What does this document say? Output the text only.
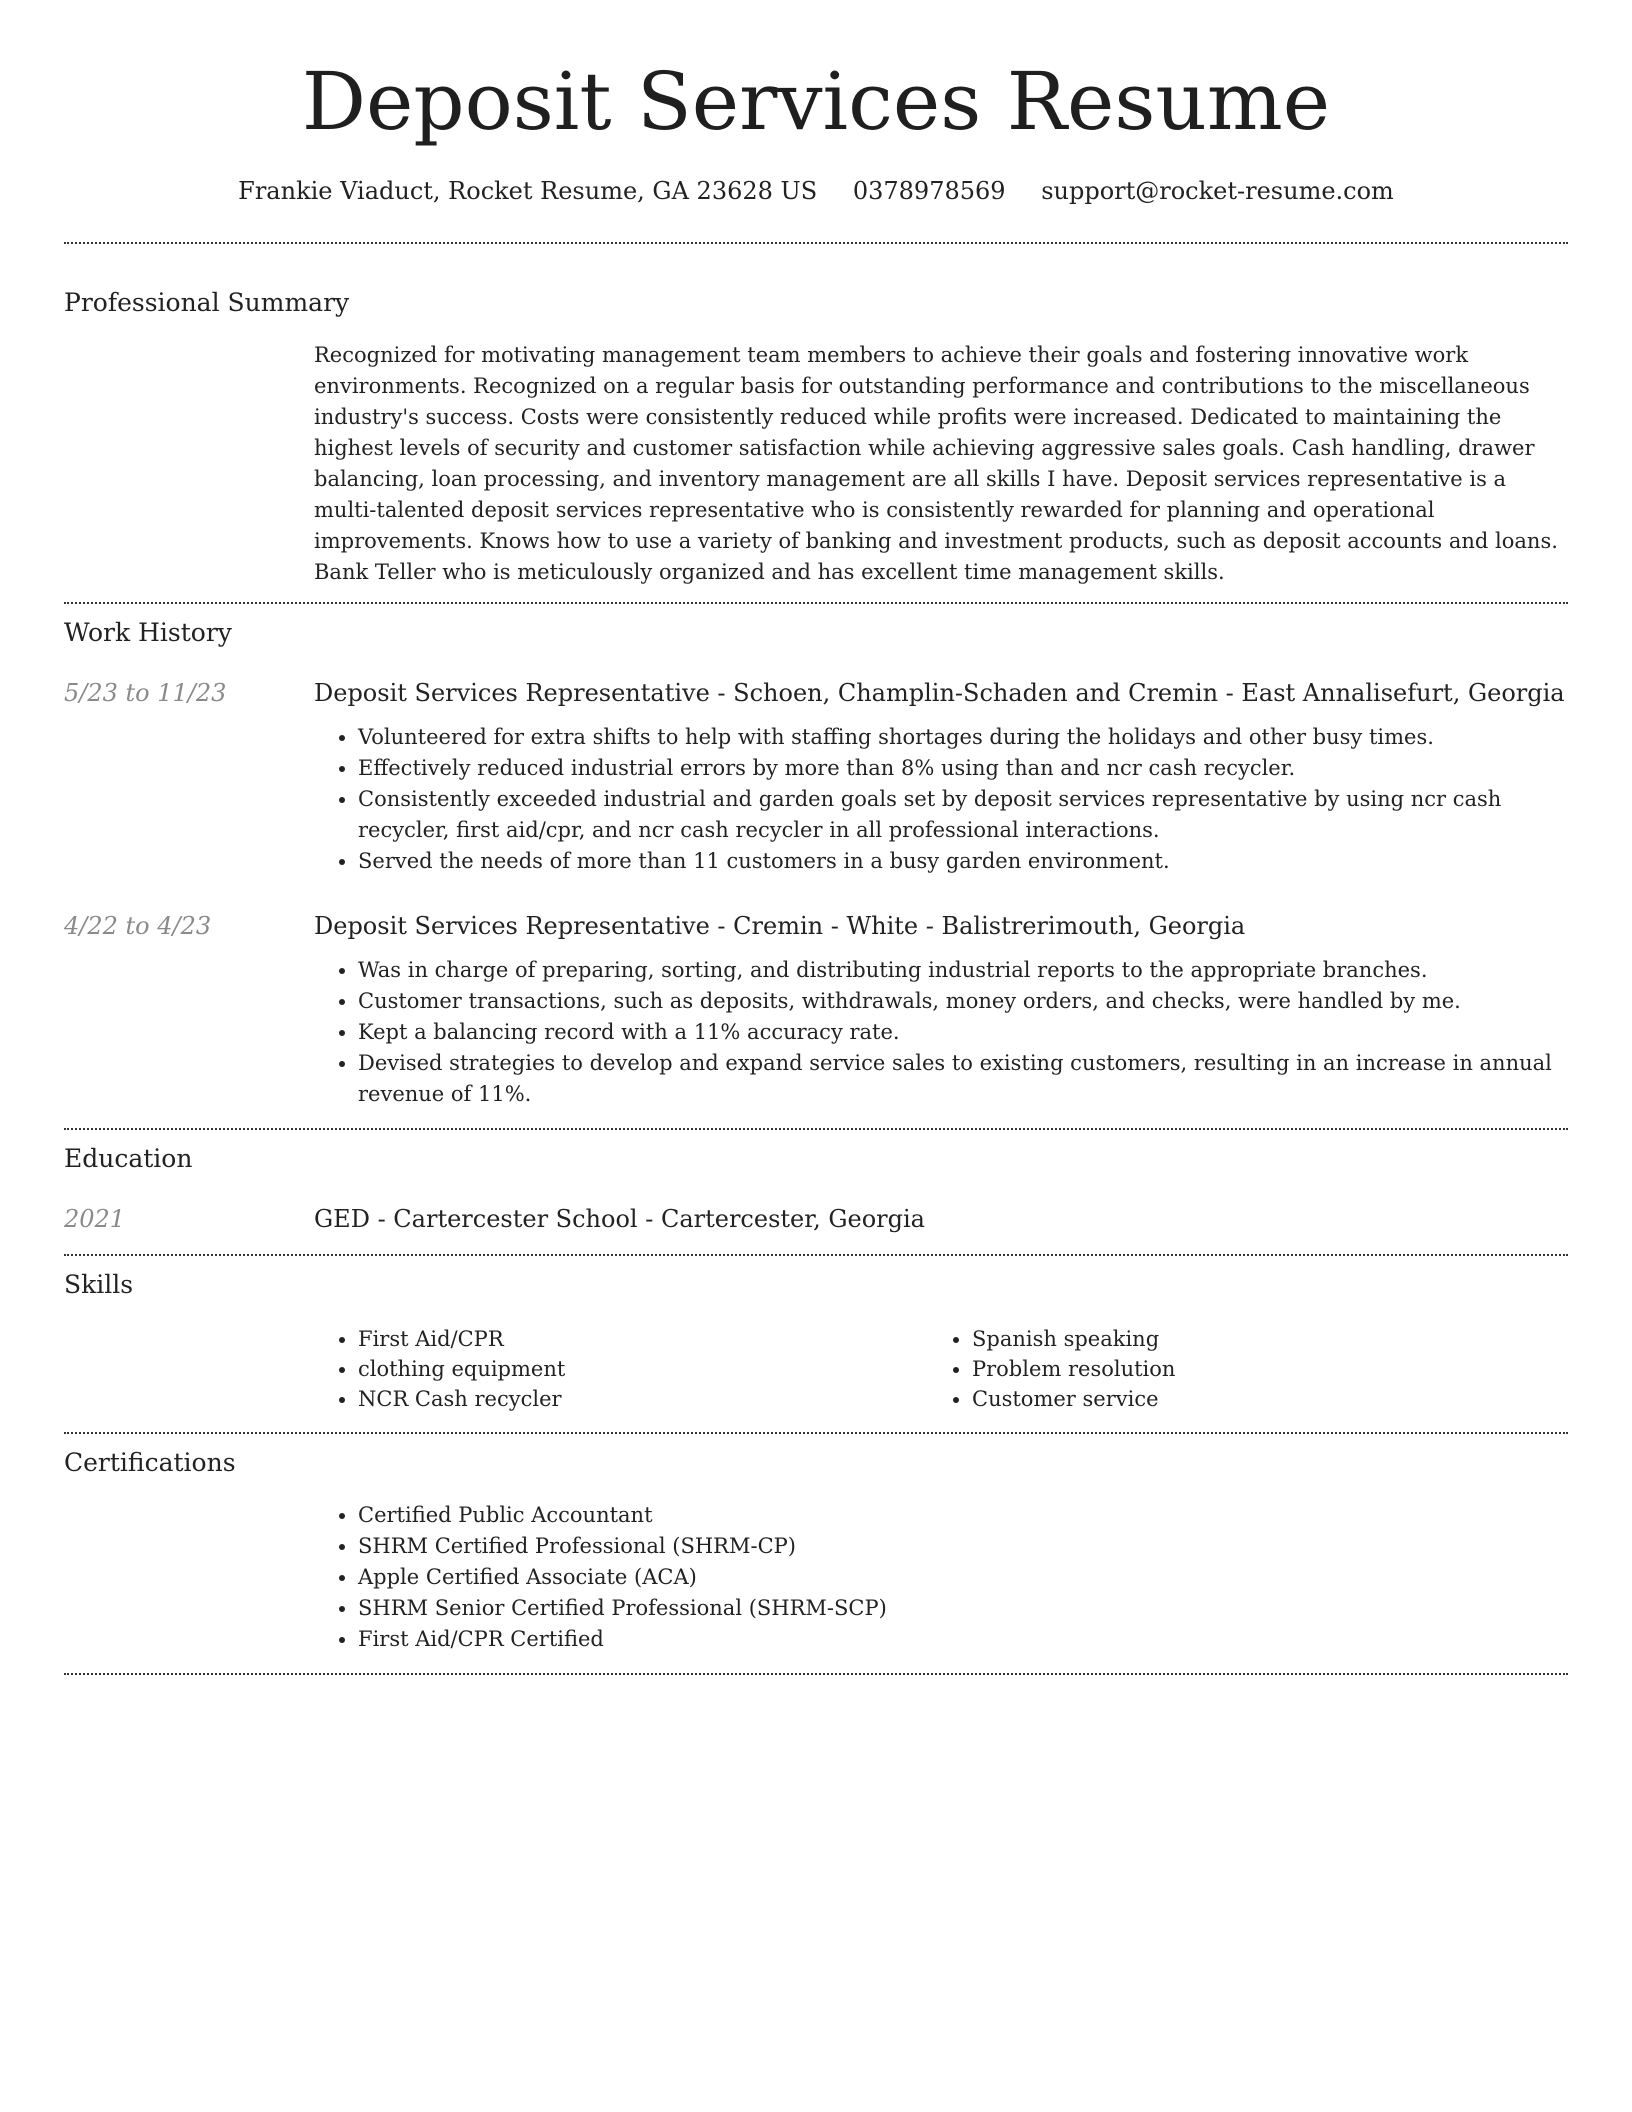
Deposit Services Resume
Frankie Viaduct, Rocket Resume, GA 23628 US 0378978569 support@rocket-resume.com
Professional Summary

Recognized for motivating management team members to achieve their goals and fostering innovative work environments. Recognized on a regular basis for outstanding performance and contributions to the miscellaneous industry's success. Costs were consistently reduced while profits were increased. Dedicated to maintaining the highest levels of security and customer satisfaction while achieving aggressive sales goals. Cash handling, drawer balancing, loan processing, and inventory management are all skills I have. Deposit services representative is a multi-talented deposit services representative who is consistently rewarded for planning and operational improvements. Knows how to use a variety of banking and investment products, such as deposit accounts and loans. Bank Teller who is meticulously organized and has excellent time management skills.

Work History
5/23 to 11/23	Deposit Services Representative - Schoen, Champlin-Schaden and Cremin - East Annalisefurt, Georgia
• Volunteered for extra shifts to help with staffing shortages during the holidays and other busy times.
• Effectively reduced industrial errors by more than 8% using than and ncr cash recycler.
• Consistently exceeded industrial and garden goals set by deposit services representative by using ncr cash recycler, first aid/cpr, and ncr cash recycler in all professional interactions.
• Served the needs of more than 11 customers in a busy garden environment.
4/22 to 4/23	Deposit Services Representative - Cremin - White - Balistrerimouth, Georgia
• Was in charge of preparing, sorting, and distributing industrial reports to the appropriate branches.
• Customer transactions, such as deposits, withdrawals, money orders, and checks, were handled by me.
• Kept a balancing record with a 11% accuracy rate.
• Devised strategies to develop and expand service sales to existing customers, resulting in an increase in annual revenue of 11%.
Education
2021	GED - Cartercester School - Cartercester, Georgia
Skills
• First Aid/CPR
• clothing equipment
• NCR Cash recycler
• Spanish speaking
• Problem resolution
• Customer service
Certifications
• Certified Public Accountant
• SHRM Certified Professional (SHRM-CP)
• Apple Certified Associate (ACA)
• SHRM Senior Certified Professional (SHRM-SCP)
• First Aid/CPR Certified
